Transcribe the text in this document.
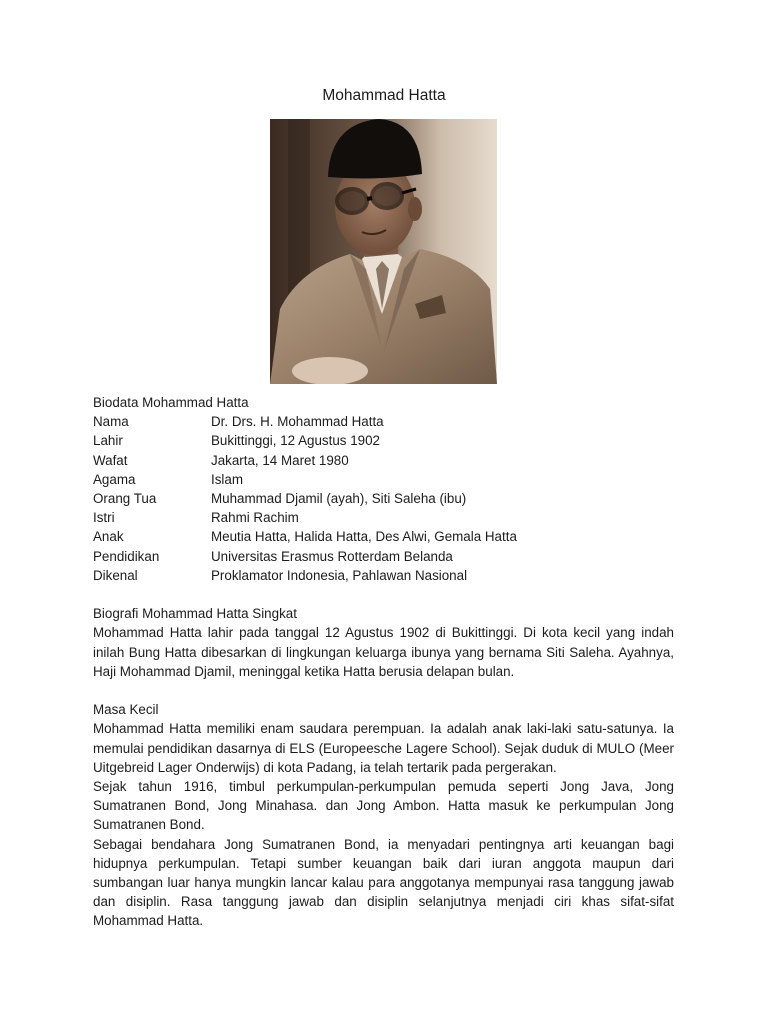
Mohammad Hatta
Biodata Mohammad Hatta
Nama	Dr. Drs. H. Mohammad Hatta
Lahir	Bukittinggi, 12 Agustus 1902
Wafat	Jakarta, 14 Maret 1980
Agama	Islam
Orang Tua	Muhammad Djamil (ayah), Siti Saleha (ibu)
Istri	Rahmi Rachim
Anak	Meutia Hatta, Halida Hatta, Des Alwi, Gemala Hatta
Pendidikan	Universitas Erasmus Rotterdam Belanda
Dikenal	Proklamator Indonesia, Pahlawan Nasional
Biografi Mohammad Hatta Singkat

Mohammad Hatta lahir pada tanggal 12 Agustus 1902 di Bukittinggi. Di kota kecil yang indah inilah Bung Hatta dibesarkan di lingkungan keluarga ibunya yang bernama Siti Saleha. Ayahnya, Haji Mohammad Djamil, meninggal ketika Hatta berusia delapan bulan.

Masa Kecil

Mohammad Hatta memiliki enam saudara perempuan. Ia adalah anak laki-laki satu-satunya. Ia memulai pendidikan dasarnya di ELS (Europeesche Lagere School). Sejak duduk di MULO (Meer Uitgebreid Lager Onderwijs) di kota Padang, ia telah tertarik pada pergerakan.

Sejak tahun 1916, timbul perkumpulan-perkumpulan pemuda seperti Jong Java, Jong Sumatranen Bond, Jong Minahasa. dan Jong Ambon. Hatta masuk ke perkumpulan Jong Sumatranen Bond.

Sebagai bendahara Jong Sumatranen Bond, ia menyadari pentingnya arti keuangan bagi hidupnya perkumpulan. Tetapi sumber keuangan baik dari iuran anggota maupun dari sumbangan luar hanya mungkin lancar kalau para anggotanya mempunyai rasa tanggung jawab dan disiplin. Rasa tanggung jawab dan disiplin selanjutnya menjadi ciri khas sifat-sifat Mohammad Hatta.
